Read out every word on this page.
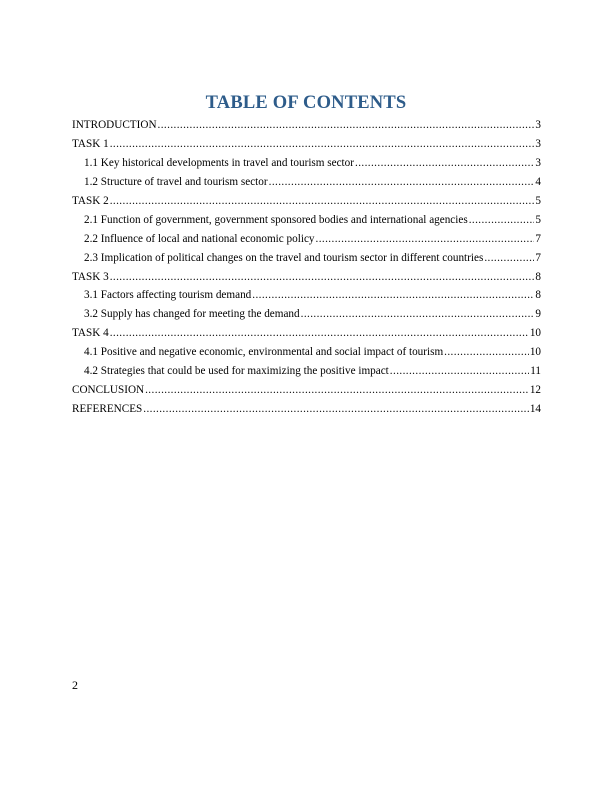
TABLE OF CONTENTS
INTRODUCTION .....	3
TASK 1 .....	3
1.1 Key historical developments in travel and tourism sector .....	3
1.2 Structure of travel and tourism sector .....	4
TASK 2 .....	5
2.1 Function of government, government sponsored bodies and international agencies .....	5
2.2 Influence of local and national economic policy .....	7
2.3 Implication of political changes on the travel and tourism sector in different countries .....	7
TASK 3 .....	8
3.1 Factors affecting tourism demand .....	8
3.2 Supply has changed for meeting the demand .....	9
TASK 4 .....	10
4.1 Positive and negative economic, environmental and social impact of tourism .....	10
4.2 Strategies that could be used for maximizing the positive impact .....	11
CONCLUSION .....	12
REFERENCES .....	14
2
